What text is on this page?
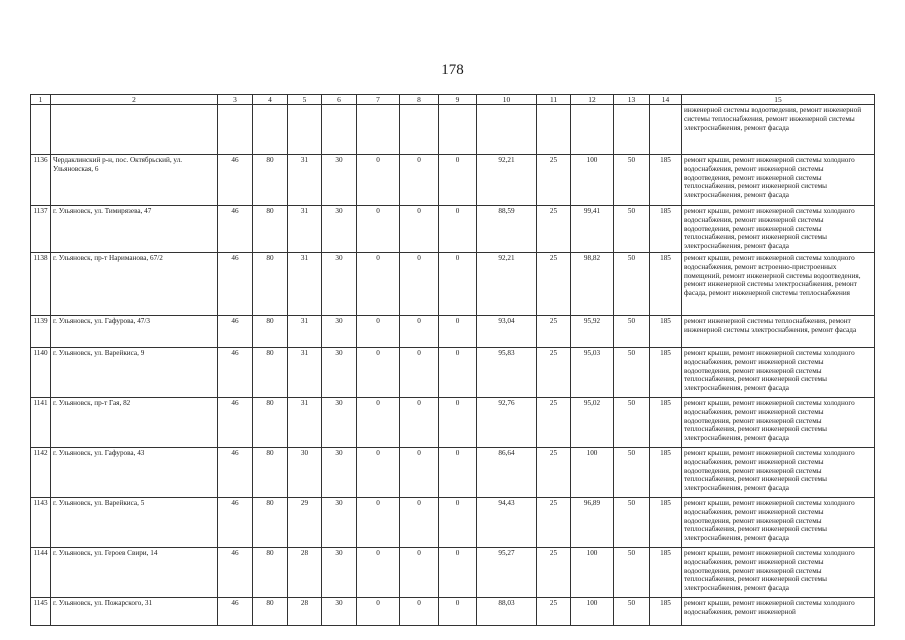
178
1	2	3	4	5	6	7	8	9	10	11	12	13	14	15
														инженерной системы водоотведения, ремонт инженерной системы теплоснабжения, ремонт инженерной системы электроснабжения, ремонт фасада
1136	Чердаклинский р-н, пос. Октябрьский, ул. Ульяновская, 6	46	80	31	30	0	0	0	92,21	25	100	50	185	ремонт крыши, ремонт инженерной системы холодного водоснабжения, ремонт инженерной системы водоотведения, ремонт инженерной системы теплоснабжения, ремонт инженерной системы электроснабжения, ремонт фасада
1137	г. Ульяновск, ул. Тимирязева, 47	46	80	31	30	0	0	0	88,59	25	99,41	50	185	ремонт крыши, ремонт инженерной системы холодного водоснабжения, ремонт инженерной системы водоотведения, ремонт инженерной системы теплоснабжения, ремонт инженерной системы электроснабжения, ремонт фасада
1138	г. Ульяновск, пр-т Нариманова, 67/2	46	80	31	30	0	0	0	92,21	25	98,82	50	185	ремонт крыши, ремонт инженерной системы холодного водоснабжения, ремонт встроенно-пристроенных помещений, ремонт инженерной системы водоотведения, ремонт инженерной системы электроснабжения, ремонт фасада, ремонт инженерной системы теплоснабжения
1139	г. Ульяновск, ул. Гафурова, 47/3	46	80	31	30	0	0	0	93,04	25	95,92	50	185	ремонт инженерной системы теплоснабжения, ремонт инженерной системы электроснабжения, ремонт фасада
1140	г. Ульяновск, ул. Варейкиса, 9	46	80	31	30	0	0	0	95,83	25	95,03	50	185	ремонт крыши, ремонт инженерной системы холодного водоснабжения, ремонт инженерной системы водоотведения, ремонт инженерной системы теплоснабжения, ремонт инженерной системы электроснабжения, ремонт фасада
1141	г. Ульяновск, пр-т Гая, 82	46	80	31	30	0	0	0	92,76	25	95,02	50	185	ремонт крыши, ремонт инженерной системы холодного водоснабжения, ремонт инженерной системы водоотведения, ремонт инженерной системы теплоснабжения, ремонт инженерной системы электроснабжения, ремонт фасада
1142	г. Ульяновск, ул. Гафурова, 43	46	80	30	30	0	0	0	86,64	25	100	50	185	ремонт крыши, ремонт инженерной системы холодного водоснабжения, ремонт инженерной системы водоотведения, ремонт инженерной системы теплоснабжения, ремонт инженерной системы электроснабжения, ремонт фасада
1143	г. Ульяновск, ул. Варейкиса, 5	46	80	29	30	0	0	0	94,43	25	96,89	50	185	ремонт крыши, ремонт инженерной системы холодного водоснабжения, ремонт инженерной системы водоотведения, ремонт инженерной системы теплоснабжения, ремонт инженерной системы электроснабжения, ремонт фасада
1144	г. Ульяновск, ул. Героев Свири, 14	46	80	28	30	0	0	0	95,27	25	100	50	185	ремонт крыши, ремонт инженерной системы холодного водоснабжения, ремонт инженерной системы водоотведения, ремонт инженерной системы теплоснабжения, ремонт инженерной системы электроснабжения, ремонт фасада
1145	г. Ульяновск, ул. Пожарского, 31	46	80	28	30	0	0	0	88,03	25	100	50	185	ремонт крыши, ремонт инженерной системы холодного водоснабжения, ремонт инженерной
